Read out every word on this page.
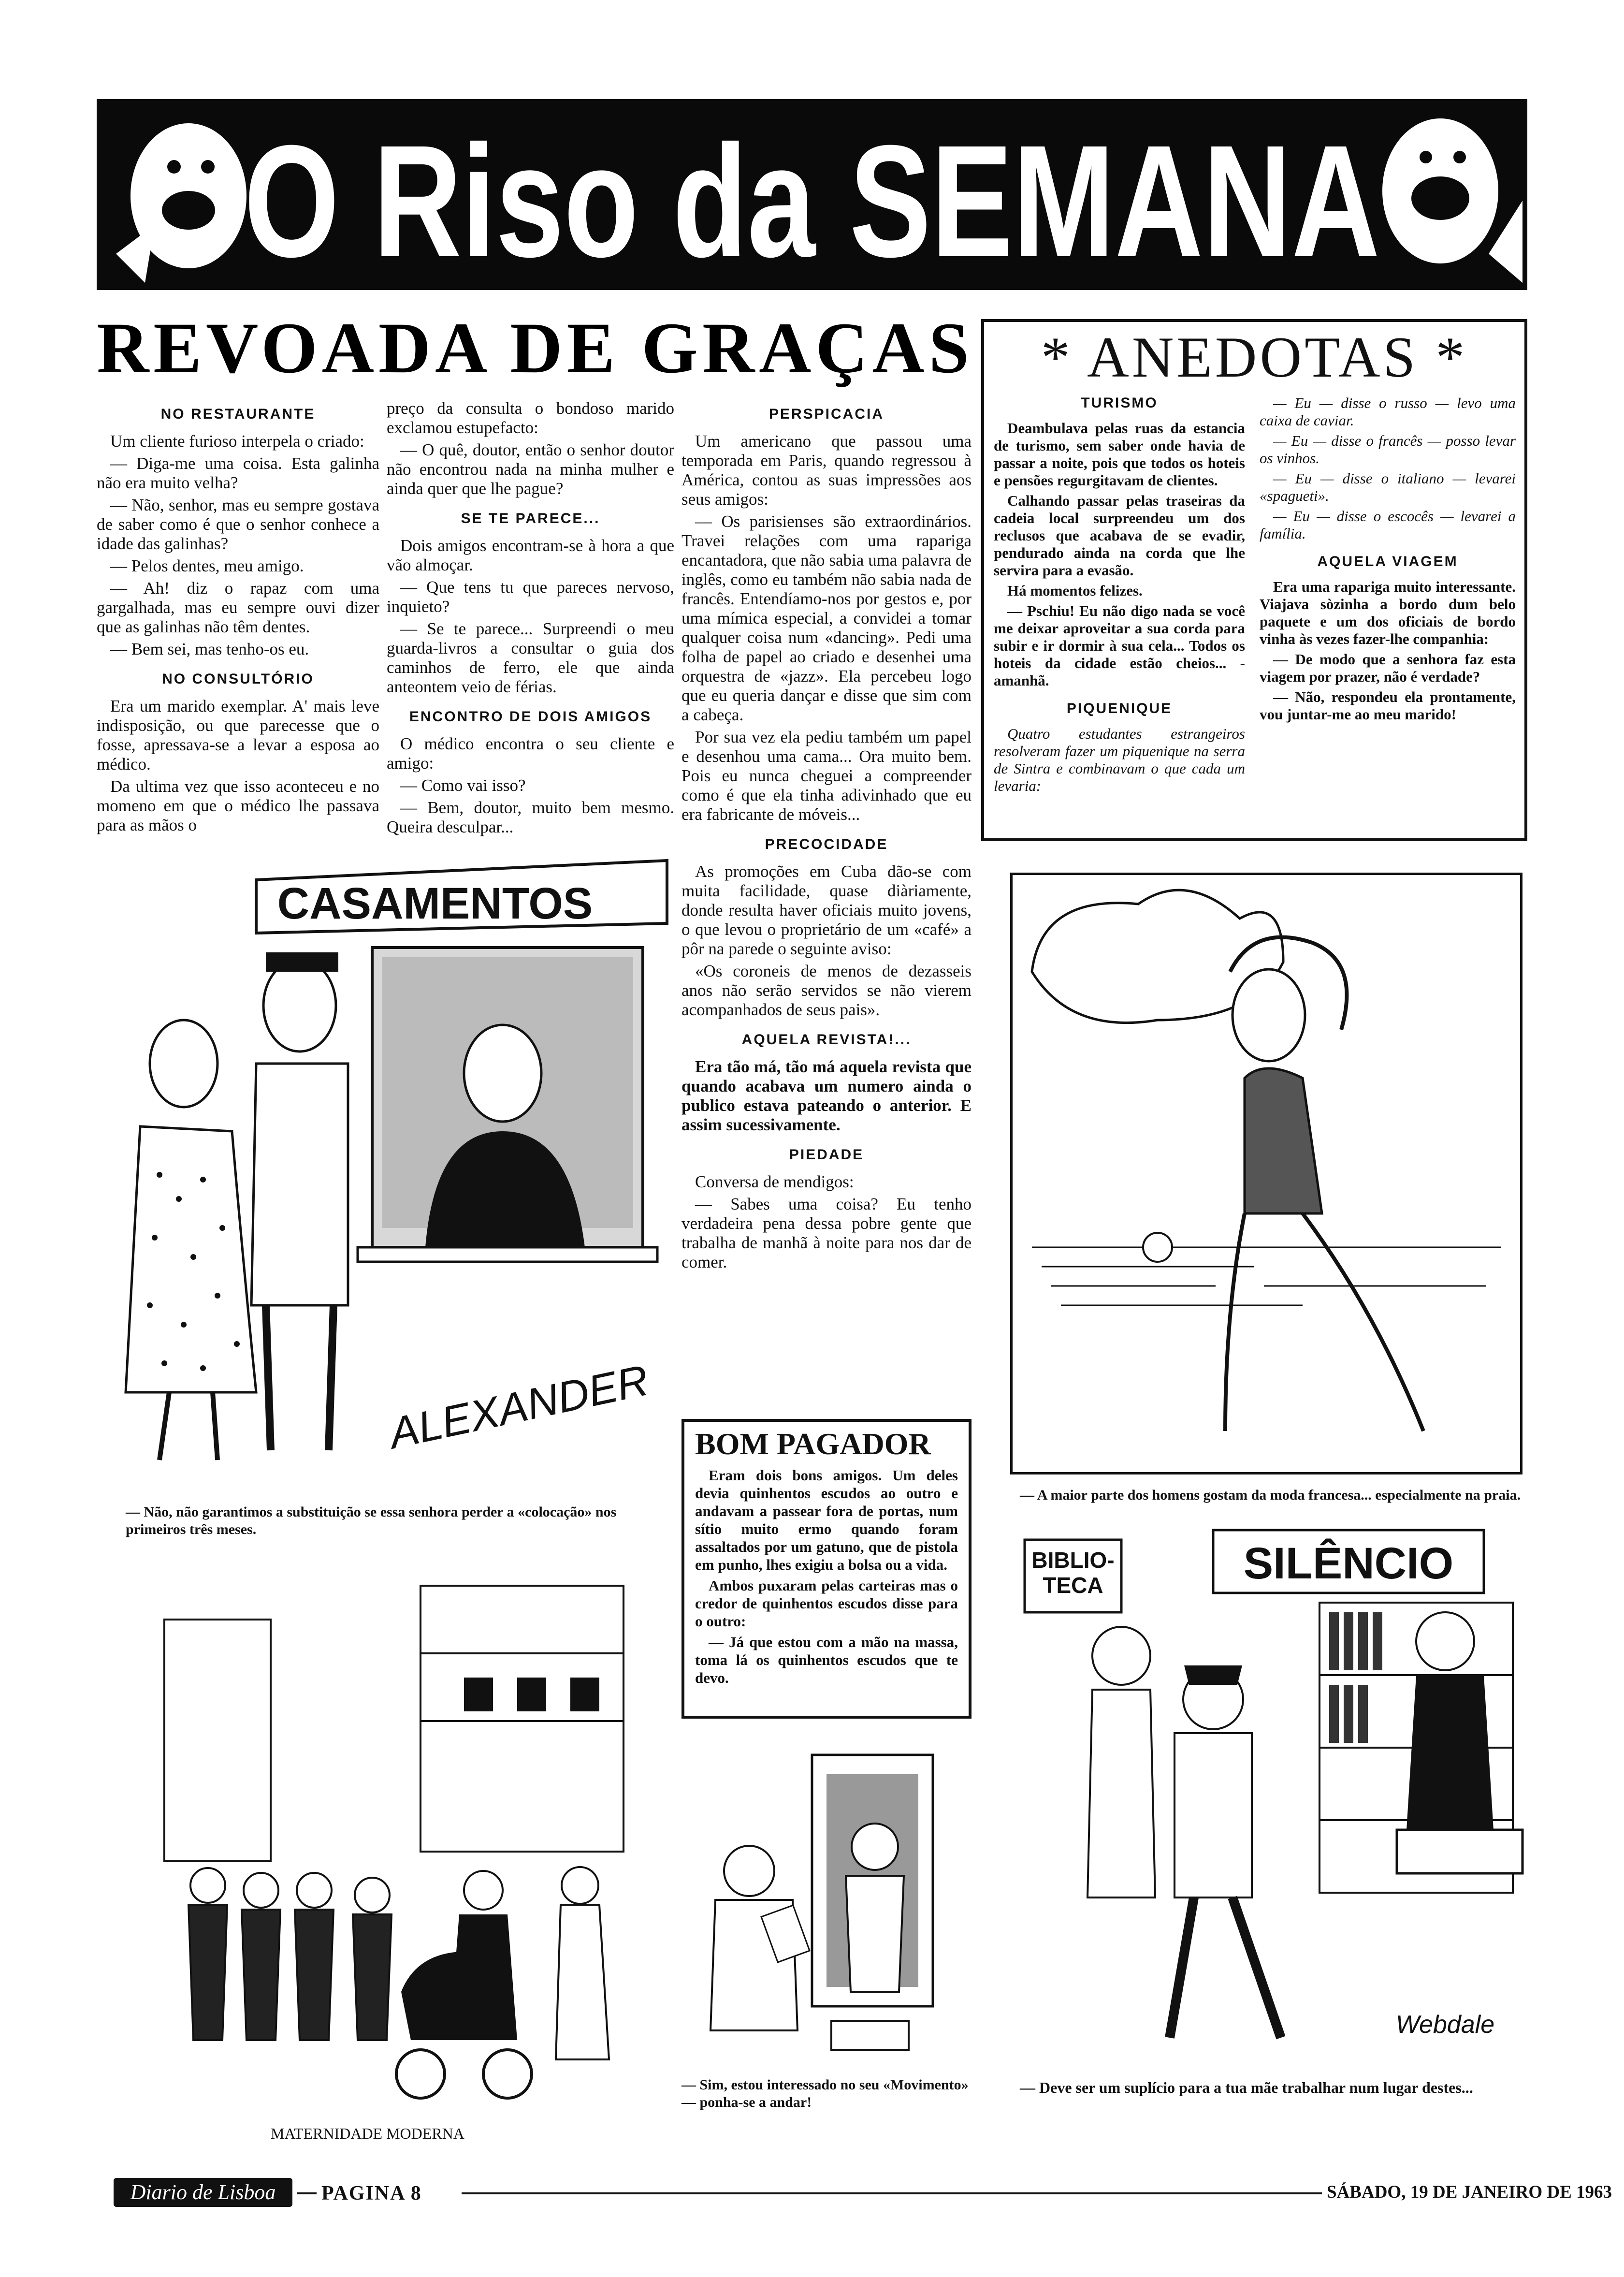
O Riso da SEMANA
REVOADA DE GRAÇAS
NO RESTAURANTE

Um cliente furioso interpela o criado:

— Diga-me uma coisa. Esta galinha não era muito velha?

— Não, senhor, mas eu sempre gostava de saber como é que o senhor conhece a idade das galinhas?

— Pelos dentes, meu amigo.

— Ah! diz o rapaz com uma gargalhada, mas eu sempre ouvi dizer que as galinhas não têm dentes.

— Bem sei, mas tenho-os eu.

NO CONSULTÓRIO

Era um marido exemplar. A' mais leve indisposição, ou que parecesse que o fosse, apressava-se a levar a esposa ao médico.

Da ultima vez que isso aconteceu e no momeno em que o médico lhe passava para as mãos o

preço da consulta o bondoso marido exclamou estupefacto:

— O quê, doutor, então o senhor doutor não encontrou nada na minha mulher e ainda quer que lhe pague?

SE TE PARECE...

Dois amigos encontram-se à hora a que vão almoçar.

— Que tens tu que pareces nervoso, inquieto?

— Se te parece... Surpreendi o meu guarda-livros a consultar o guia dos caminhos de ferro, ele que ainda anteontem veio de férias.

ENCONTRO DE DOIS AMIGOS

O médico encontra o seu cliente e amigo:

— Como vai isso?

— Bem, doutor, muito bem mesmo. Queira desculpar...

PERSPICACIA

Um americano que passou uma temporada em Paris, quando regressou à América, contou as suas impressões aos seus amigos:

— Os parisienses são extraordinários. Travei relações com uma rapariga encantadora, que não sabia uma palavra de inglês, como eu também não sabia nada de francês. Entendíamo-nos por gestos e, por uma mímica especial, a convidei a tomar qualquer coisa num «dancing». Pedi uma folha de papel ao criado e desenhei uma orquestra de «jazz». Ela percebeu logo que eu queria dançar e disse que sim com a cabeça.

Por sua vez ela pediu também um papel e desenhou uma cama... Ora muito bem. Pois eu nunca cheguei a compreender como é que ela tinha adivinhado que eu era fabricante de móveis...

PRECOCIDADE

As promoções em Cuba dão-se com muita facilidade, quase diàriamente, donde resulta haver oficiais muito jovens, o que levou o proprietário de um «café» a pôr na parede o seguinte aviso:

«Os coroneis de menos de dezasseis anos não serão servidos se não vierem acompanhados de seus pais».

AQUELA REVISTA!...

Era tão má, tão má aquela revista que quando acabava um numero ainda o publico estava pateando o anterior. E assim sucessivamente.

PIEDADE

Conversa de mendigos:

— Sabes uma coisa? Eu tenho verdadeira pena dessa pobre gente que trabalha de manhã à noite para nos dar de comer.

* ANEDOTAS *
TURISMO

Deambulava pelas ruas da estancia de turismo, sem saber onde havia de passar a noite, pois que todos os hoteis e pensões regurgitavam de clientes.

Calhando passar pelas traseiras da cadeia local surpreendeu um dos reclusos que acabava de se evadir, pendurado ainda na corda que lhe servira para a evasão.

Há momentos felizes.

— Pschiu! Eu não digo nada se você me deixar aproveitar a sua corda para subir e ir dormir à sua cela... Todos os hoteis da cidade estão cheios... -amanhã.

PIQUENIQUE

Quatro estudantes estrangeiros resolveram fazer um piquenique na serra de Sintra e combinavam o que cada um levaria:

— Eu — disse o russo — levo uma caixa de caviar.

— Eu — disse o francês — posso levar os vinhos.

— Eu — disse o italiano — levarei «spagueti».

— Eu — disse o escocês — levarei a família.

AQUELA VIAGEM

Era uma rapariga muito interessante. Viajava sòzinha a bordo dum belo paquete e um dos oficiais de bordo vinha às vezes fazer-lhe companhia:

— De modo que a senhora faz esta viagem por prazer, não é verdade?

— Não, respondeu ela prontamente, vou juntar-me ao meu marido!

CASAMENTOS
ALEXANDER
— Não, não garantimos a substituição se essa senhora perder a «colocação» nos primeiros três meses.
— A maior parte dos homens gostam da moda francesa... especialmente na praia.
BOM PAGADOR

Eram dois bons amigos. Um deles devia quinhentos escudos ao outro e andavam a passear fora de portas, num sítio muito ermo quando foram assaltados por um gatuno, que de pistola em punho, lhes exigiu a bolsa ou a vida.

Ambos puxaram pelas carteiras mas o credor de quinhentos escudos disse para o outro:

— Já que estou com a mão na massa, toma lá os quinhentos escudos que te devo.

MATERNIDADE MODERNA
— Sim, estou interessado no seu «Movimento» — ponha-se a andar!
BIBLIO-TECA	SILÊNCIO
Webdale
— Deve ser um suplício para a tua mãe trabalhar num lugar destes...
Diario de Lisboa	PAGINA 8	SÁBADO, 19 DE JANEIRO DE 1963
